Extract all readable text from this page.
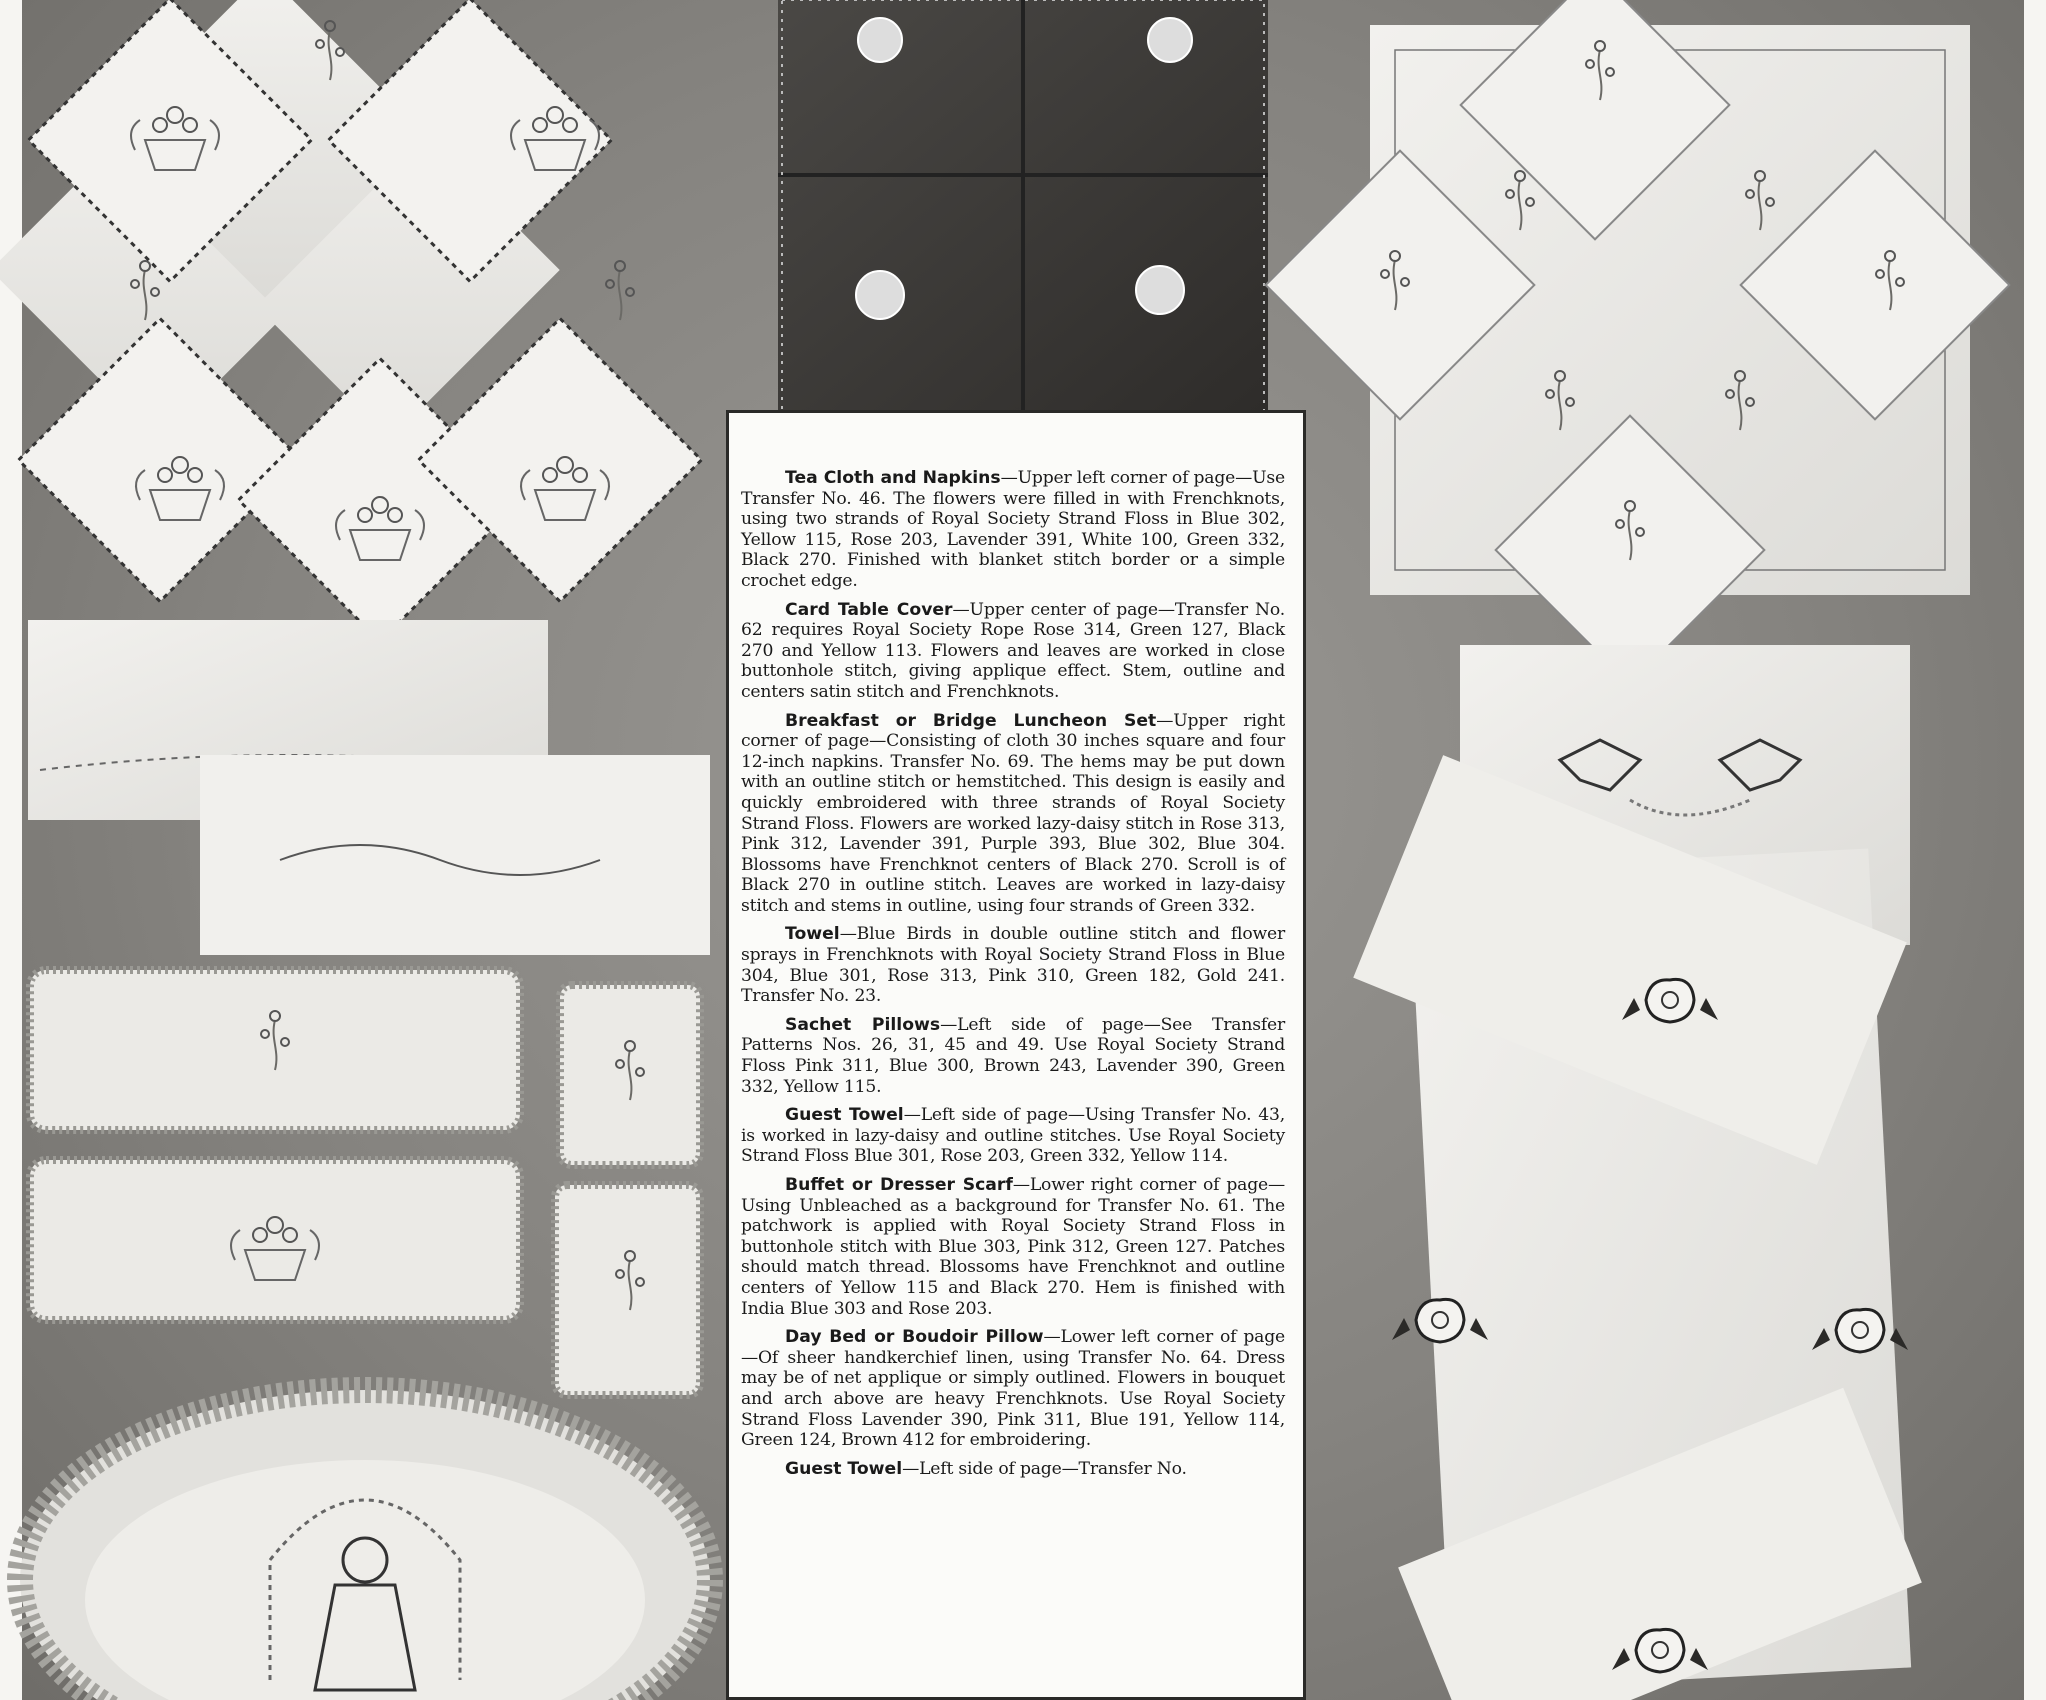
Tea Cloth and Napkins—Upper left corner of page—Use Transfer No. 46. The flowers were filled in with Frenchknots, using two strands of Royal Society Strand Floss in Blue 302, Yellow 115, Rose 203, Lavender 391, White 100, Green 332, Black 270. Finished with blanket stitch border or a simple crochet edge.

Card Table Cover—Upper center of page—Transfer No. 62 requires Royal Society Rope Rose 314, Green 127, Black 270 and Yellow 113. Flowers and leaves are worked in close buttonhole stitch, giving applique effect. Stem, outline and centers satin stitch and Frenchknots.

Breakfast or Bridge Luncheon Set—Upper right corner of page—Consisting of cloth 30 inches square and four 12-inch napkins. Transfer No. 69. The hems may be put down with an outline stitch or hemstitched. This design is easily and quickly embroidered with three strands of Royal Society Strand Floss. Flowers are worked lazy-daisy stitch in Rose 313, Pink 312, Lavender 391, Purple 393, Blue 302, Blue 304. Blossoms have Frenchknot centers of Black 270. Scroll is of Black 270 in outline stitch. Leaves are worked in lazy-daisy stitch and stems in outline, using four strands of Green 332.

Towel—Blue Birds in double outline stitch and flower sprays in Frenchknots with Royal Society Strand Floss in Blue 304, Blue 301, Rose 313, Pink 310, Green 182, Gold 241. Transfer No. 23.

Sachet Pillows—Left side of page—See Transfer Patterns Nos. 26, 31, 45 and 49. Use Royal Society Strand Floss Pink 311, Blue 300, Brown 243, Lavender 390, Green 332, Yellow 115.

Guest Towel—Left side of page—Using Transfer No. 43, is worked in lazy-daisy and outline stitches. Use Royal Society Strand Floss Blue 301, Rose 203, Green 332, Yellow 114.

Buffet or Dresser Scarf—Lower right corner of page—Using Unbleached as a background for Transfer No. 61. The patchwork is applied with Royal Society Strand Floss in buttonhole stitch with Blue 303, Pink 312, Green 127. Patches should match thread. Blossoms have Frenchknot and outline centers of Yellow 115 and Black 270. Hem is finished with India Blue 303 and Rose 203.

Day Bed or Boudoir Pillow—Lower left corner of page—Of sheer handkerchief linen, using Transfer No. 64. Dress may be of net applique or simply outlined. Flowers in bouquet and arch above are heavy Frenchknots. Use Royal Society Strand Floss Lavender 390, Pink 311, Blue 191, Yellow 114, Green 124, Brown 412 for embroidering.

Guest Towel—Left side of page—Transfer No.
